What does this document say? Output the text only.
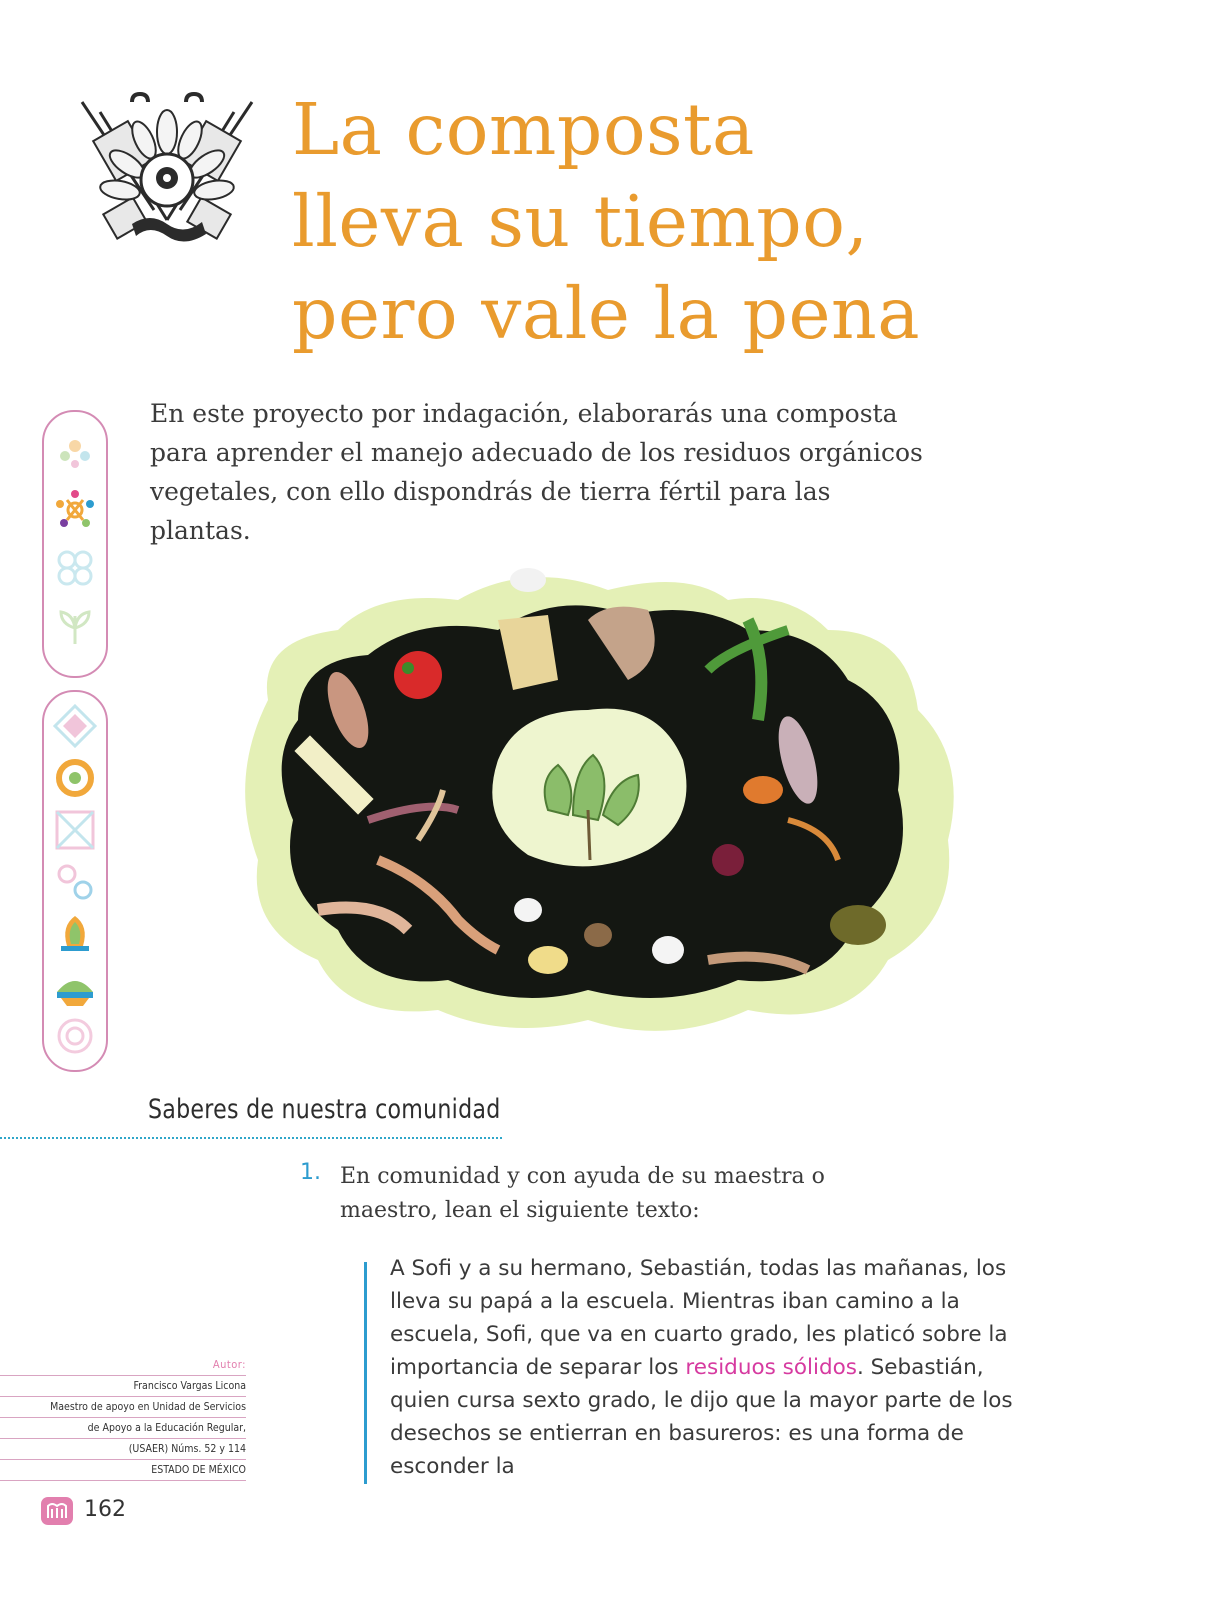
La composta
lleva su tiempo,
pero vale la pena

En este proyecto por indagación, elaborarás una composta para aprender el manejo adecuado de los residuos orgánicos vegetales, con ello dispondrás de tierra fértil para las plantas.

Saberes de nuestra comunidad
1. En comunidad y con ayuda de su maestra o maestro, lean el siguiente texto:

A Sofi y a su hermano, Sebastián, todas las mañanas, los lleva su papá a la escuela. Mientras iban camino a la escuela, Sofi, que va en cuarto grado, les platicó sobre la importancia de separar los residuos sólidos. Sebastián, quien cursa sexto grado, le dijo que la mayor parte de los desechos se entierran en basureros: es una forma de esconder la

Autor:
Francisco Vargas Licona
Maestro de apoyo en Unidad de Servicios
de Apoyo a la Educación Regular,
(USAER) Núms. 52 y 114
ESTADO DE MÉXICO
162
